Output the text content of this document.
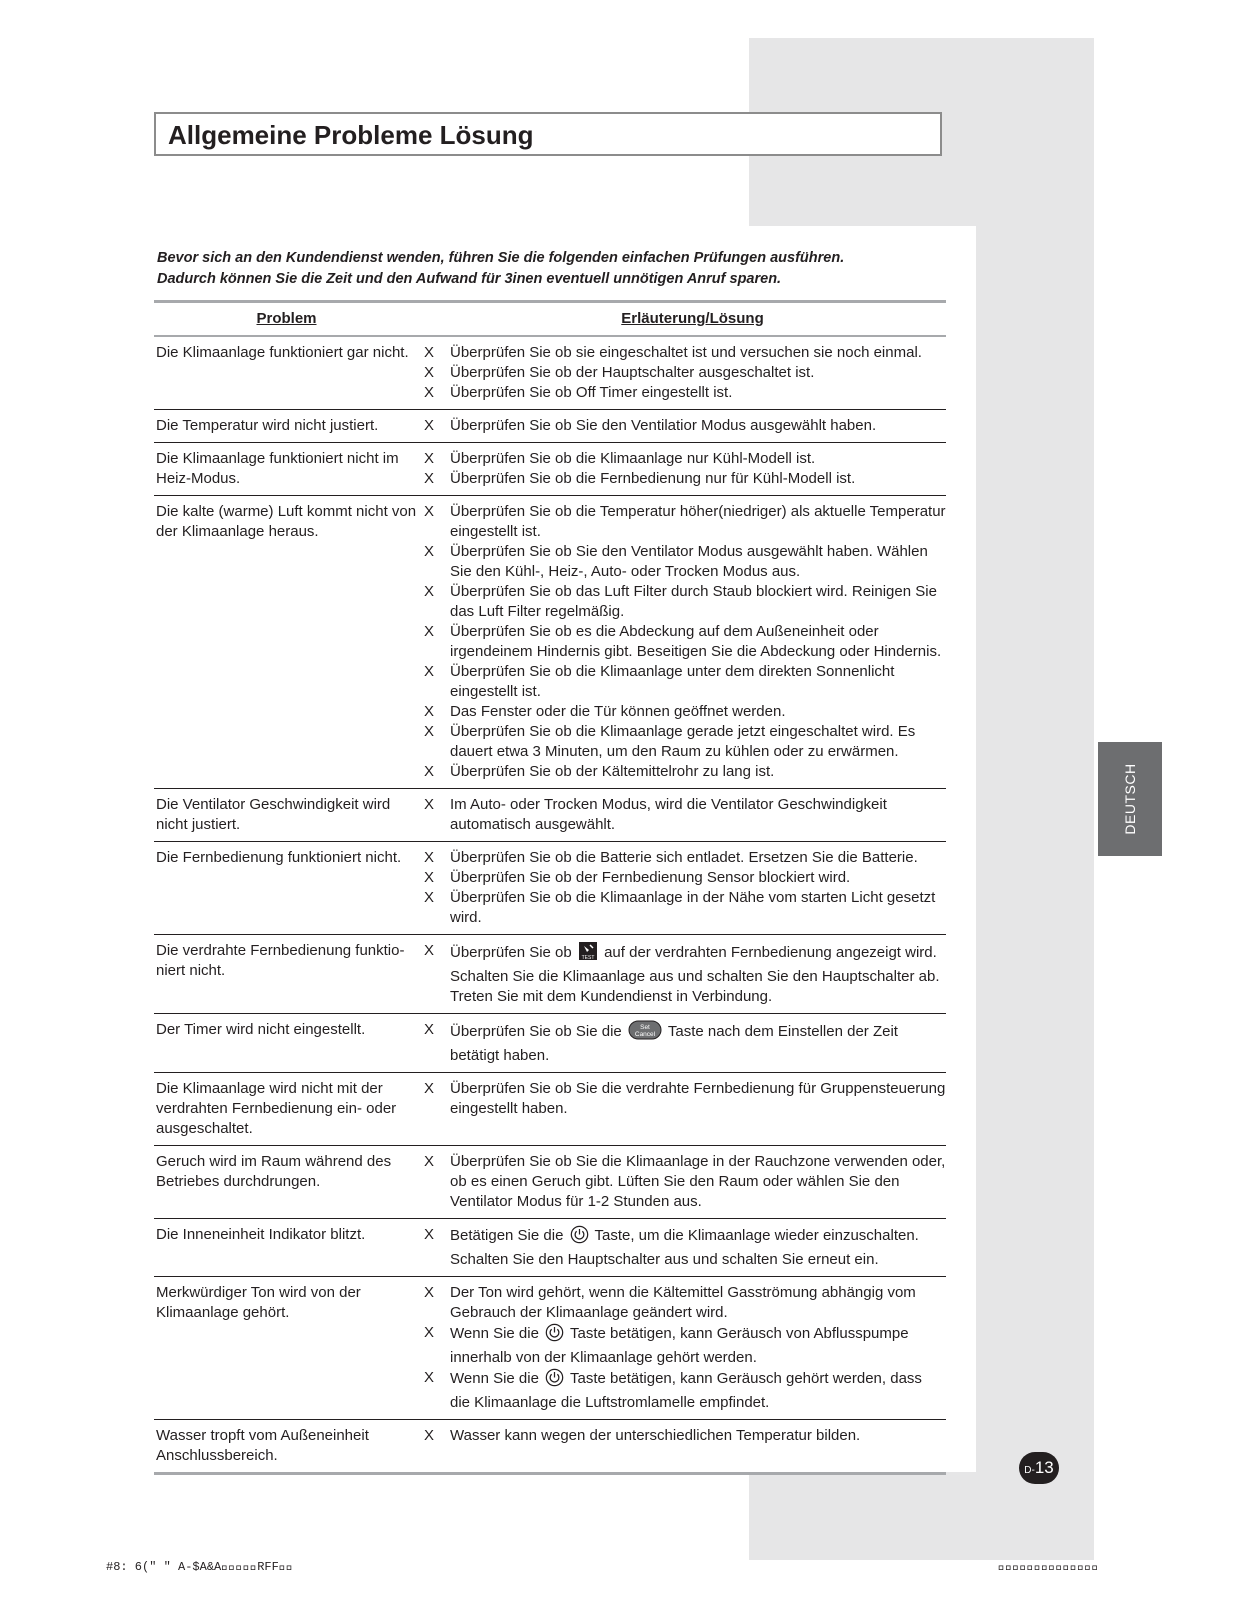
Allgemeine Probleme Lösung

Bevor sich an den Kundendienst wenden, führen Sie die folgenden einfachen Prüfungen ausführen.

Dadurch können Sie die Zeit und den Aufwand für 3inen eventuell unnötigen Anruf sparen.

Problem	Erläuterung/Lösung
Die Klimaanlage funktioniert gar nicht.	X	Überprüfen Sie ob sie eingeschaltet ist und versuchen sie noch einmal.
X	Überprüfen Sie ob der Hauptschalter ausgeschaltet ist.
X	Überprüfen Sie ob Off Timer eingestellt ist.
Die Temperatur wird nicht justiert.	X	Überprüfen Sie ob Sie den Ventilatior Modus ausgewählt haben.
Die Klimaanlage funktioniert nicht im Heiz-Modus.
X	Überprüfen Sie ob die Klimaanlage nur Kühl-Modell ist.
X	Überprüfen Sie ob die Fernbedienung nur für Kühl-Modell ist.
Die kalte (warme) Luft kommt nicht von der Klimaanlage heraus.
X	Überprüfen Sie ob die Temperatur höher(niedriger) als aktuelle Temperatur eingestellt ist.
X	Überprüfen Sie ob Sie den Ventilator Modus ausgewählt haben. Wählen Sie den Kühl-, Heiz-, Auto- oder Trocken Modus aus.
X	Überprüfen Sie ob das Luft Filter durch Staub blockiert wird. Reinigen Sie das Luft Filter regelmäßig.
X	Überprüfen Sie ob es die Abdeckung auf dem Außeneinheit oder irgendeinem Hindernis gibt. Beseitigen Sie die Abdeckung oder Hindernis.
X	Überprüfen Sie ob die Klimaanlage unter dem direkten Sonnenlicht eingestellt ist.
X	Das Fenster oder die Tür können geöffnet werden.
X	Überprüfen Sie ob die Klimaanlage gerade jetzt eingeschaltet wird. Es dauert etwa 3 Minuten, um den Raum zu kühlen oder zu erwärmen.
X	Überprüfen Sie ob der Kältemittelrohr zu lang ist.
Die Ventilator Geschwindigkeit wird nicht justiert.
X	Im Auto- oder Trocken Modus, wird die Ventilator Geschwindigkeit automatisch ausgewählt.
Die Fernbedienung funktioniert nicht.	X	Überprüfen Sie ob die Batterie sich entladet. Ersetzen Sie die Batterie.
X	Überprüfen Sie ob der Fernbedienung Sensor blockiert wird.
X	Überprüfen Sie ob die Klimaanlage in der Nähe vom starten Licht gesetzt wird.
Die verdrahte Fernbedienung funktio-niert nicht.
X	Überprüfen Sie ob TEST auf der verdrahten Fernbedienung angezeigt wird. Schalten Sie die Klimaanlage aus und schalten Sie den Hauptschalter ab. Treten Sie mit dem Kundendienst in Verbindung.
Der Timer wird nicht eingestellt.	X	Überprüfen Sie ob Sie die Set
Cancel Taste nach dem Einstellen der Zeit betätigt haben.
Die Klimaanlage wird nicht mit der verdrahten Fernbedienung ein- oder ausgeschaltet.
X	Überprüfen Sie ob Sie die verdrahte Fernbedienung für Gruppensteuerung eingestellt haben.
Geruch wird im Raum während des Betriebes durchdrungen.
X	Überprüfen Sie ob Sie die Klimaanlage in der Rauchzone verwenden oder, ob es einen Geruch gibt. Lüften Sie den Raum oder wählen Sie den Ventilator Modus für 1-2 Stunden aus.
Die Inneneinheit Indikator blitzt.	X	Betätigen Sie die  Taste, um die Klimaanlage wieder einzuschalten. Schalten Sie den Hauptschalter aus und schalten Sie erneut ein.
Merkwürdiger Ton wird von der Klimaanlage gehört.
X	Der Ton wird gehört, wenn die Kältemittel Gasströmung abhängig vom Gebrauch der Klimaanlage geändert wird.
X	Wenn Sie die  Taste betätigen, kann Geräusch von Abflusspumpe innerhalb von der Klimaanlage gehört werden.
X	Wenn Sie die  Taste betätigen, kann Geräusch gehört werden, dass die Klimaanlage die Luftstromlamelle empfindet.
Wasser tropft vom Außeneinheit Anschlussbereich.
X	Wasser kann wegen der unterschiedlichen Temperatur bilden.
DEUTSCH
D- 13
#8: 6(" " A-$A&A􀀀􀀀􀀀􀀀􀀀RFF􀀀􀀀	􀀀􀀀􀀀􀀀􀀀􀀀􀀀􀀀􀀀􀀀􀀀􀀀􀀀􀀀
